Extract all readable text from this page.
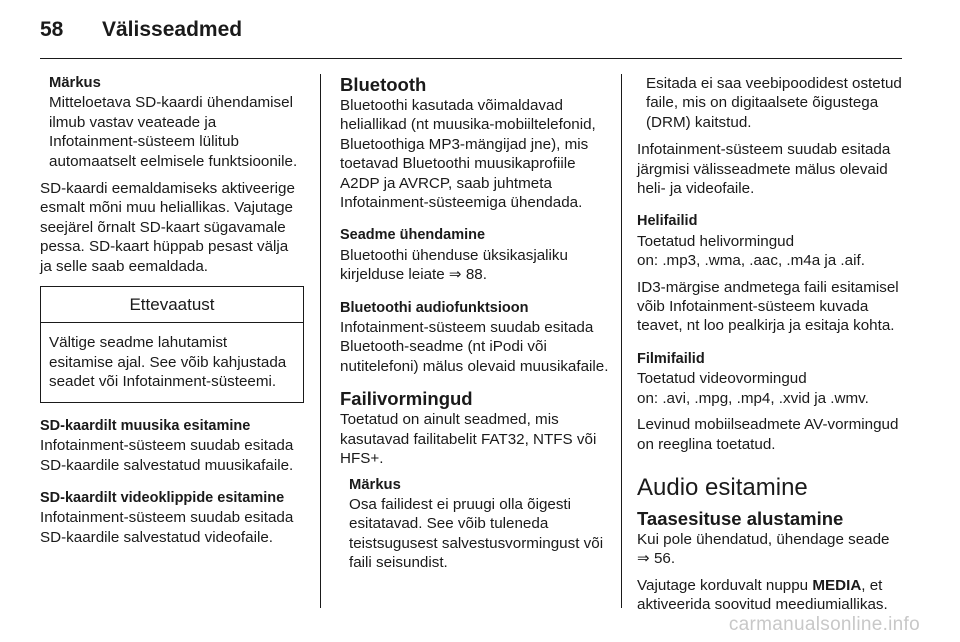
58	Välisseadmed
Märkus
Mitteloetava SD-kaardi ühendamisel ilmub vastav veateade ja Infotainment-süsteem lülitub automaatselt eelmisele funktsioonile.

SD-kaardi eemaldamiseks aktiveerige esmalt mõni muu heliallikas. Vajutage seejärel õrnalt SD-kaart sügavamale pessa. SD-kaart hüppab pesast välja ja selle saab eemaldada.

Ettevaatust
Vältige seadme lahutamist esitamise ajal. See võib kahjustada seadet või Infotainment-süsteemi.
SD-kaardilt muusika esitamine

Infotainment-süsteem suudab esitada SD-kaardile salvestatud muusikafaile.

SD-kaardilt videoklippide esitamine

Infotainment-süsteem suudab esitada SD-kaardile salvestatud videofaile.

Bluetooth

Bluetoothi kasutada võimaldavad heliallikad (nt muusika-mobiiltelefonid, Bluetoothiga MP3-mängijad jne), mis toetavad Bluetoothi muusikaprofiile A2DP ja AVRCP, saab juhtmeta Infotainment-süsteemiga ühendada.

Seadme ühendamine

Bluetoothi ühenduse üksikasjaliku kirjelduse leiate ⇒ 88.

Bluetoothi audiofunktsioon

Infotainment-süsteem suudab esitada Bluetooth-seadme (nt iPodi või nutitelefoni) mälus olevaid muusikafaile.

Failivormingud

Toetatud on ainult seadmed, mis kasutavad failitabelit FAT32, NTFS või HFS+.

Märkus
Osa failidest ei pruugi olla õigesti esitatavad. See võib tuleneda teistsugusest salvestusvormingust või faili seisundist.
Esitada ei saa veebipoodidest ostetud faile, mis on digitaalsete õigustega (DRM) kaitstud.

Infotainment-süsteem suudab esitada järgmisi välisseadmete mälus olevaid heli- ja videofaile.

Helifailid
Toetatud helivormingud

on: .mp3, .wma, .aac, .m4a ja .aif.

ID3-märgise andmetega faili esitamisel võib Infotainment-süsteem kuvada teavet, nt loo pealkirja ja esitaja kohta.

Filmifailid
Toetatud videovormingud

on: .avi, .mpg, .mp4, .xvid ja .wmv.

Levinud mobiilseadmete AV-vormingud on reeglina toetatud.

Audio esitamine
Taasesituse alustamine

Kui pole ühendatud, ühendage seade ⇒ 56.

Vajutage korduvalt nuppu MEDIA, et aktiveerida soovitud meediumiallikas.

carmanualsonline.info
